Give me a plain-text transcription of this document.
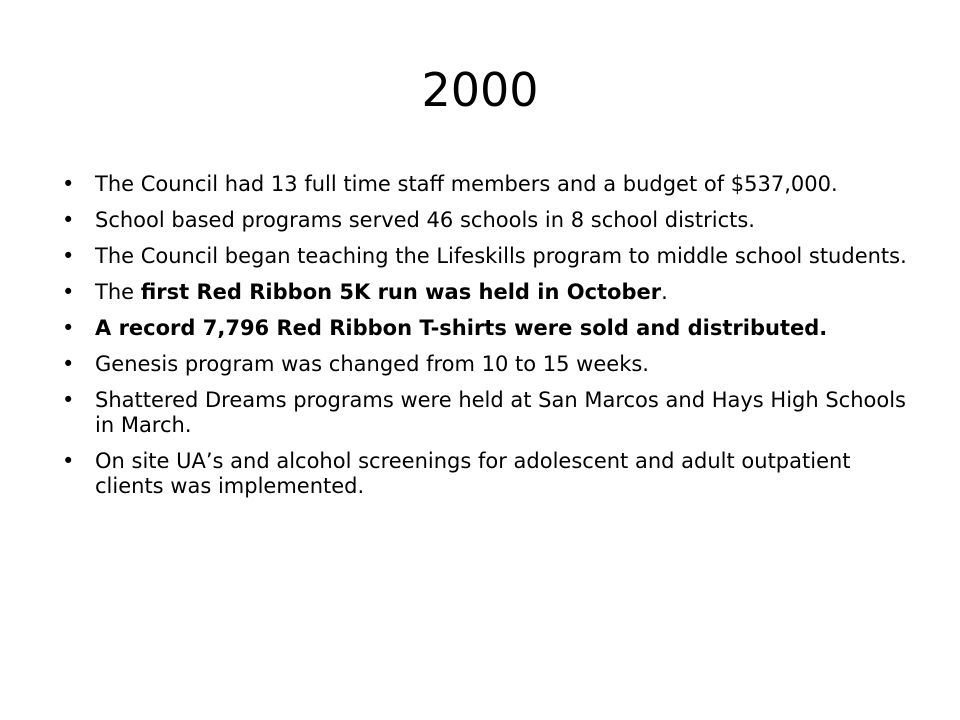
2000
• The Council had 13 full time staff members and a budget of $537,000.
• School based programs served 46 schools in 8 school districts.
• The Council began teaching the Lifeskills program to middle school students.
• The first Red Ribbon 5K run was held in October.
• A record 7,796 Red Ribbon T-shirts were sold and distributed.
• Genesis program was changed from 10 to 15 weeks.
• Shattered Dreams programs were held at San Marcos and Hays High Schools in March.
• On site UA’s and alcohol screenings for adolescent and adult outpatient clients was implemented.
